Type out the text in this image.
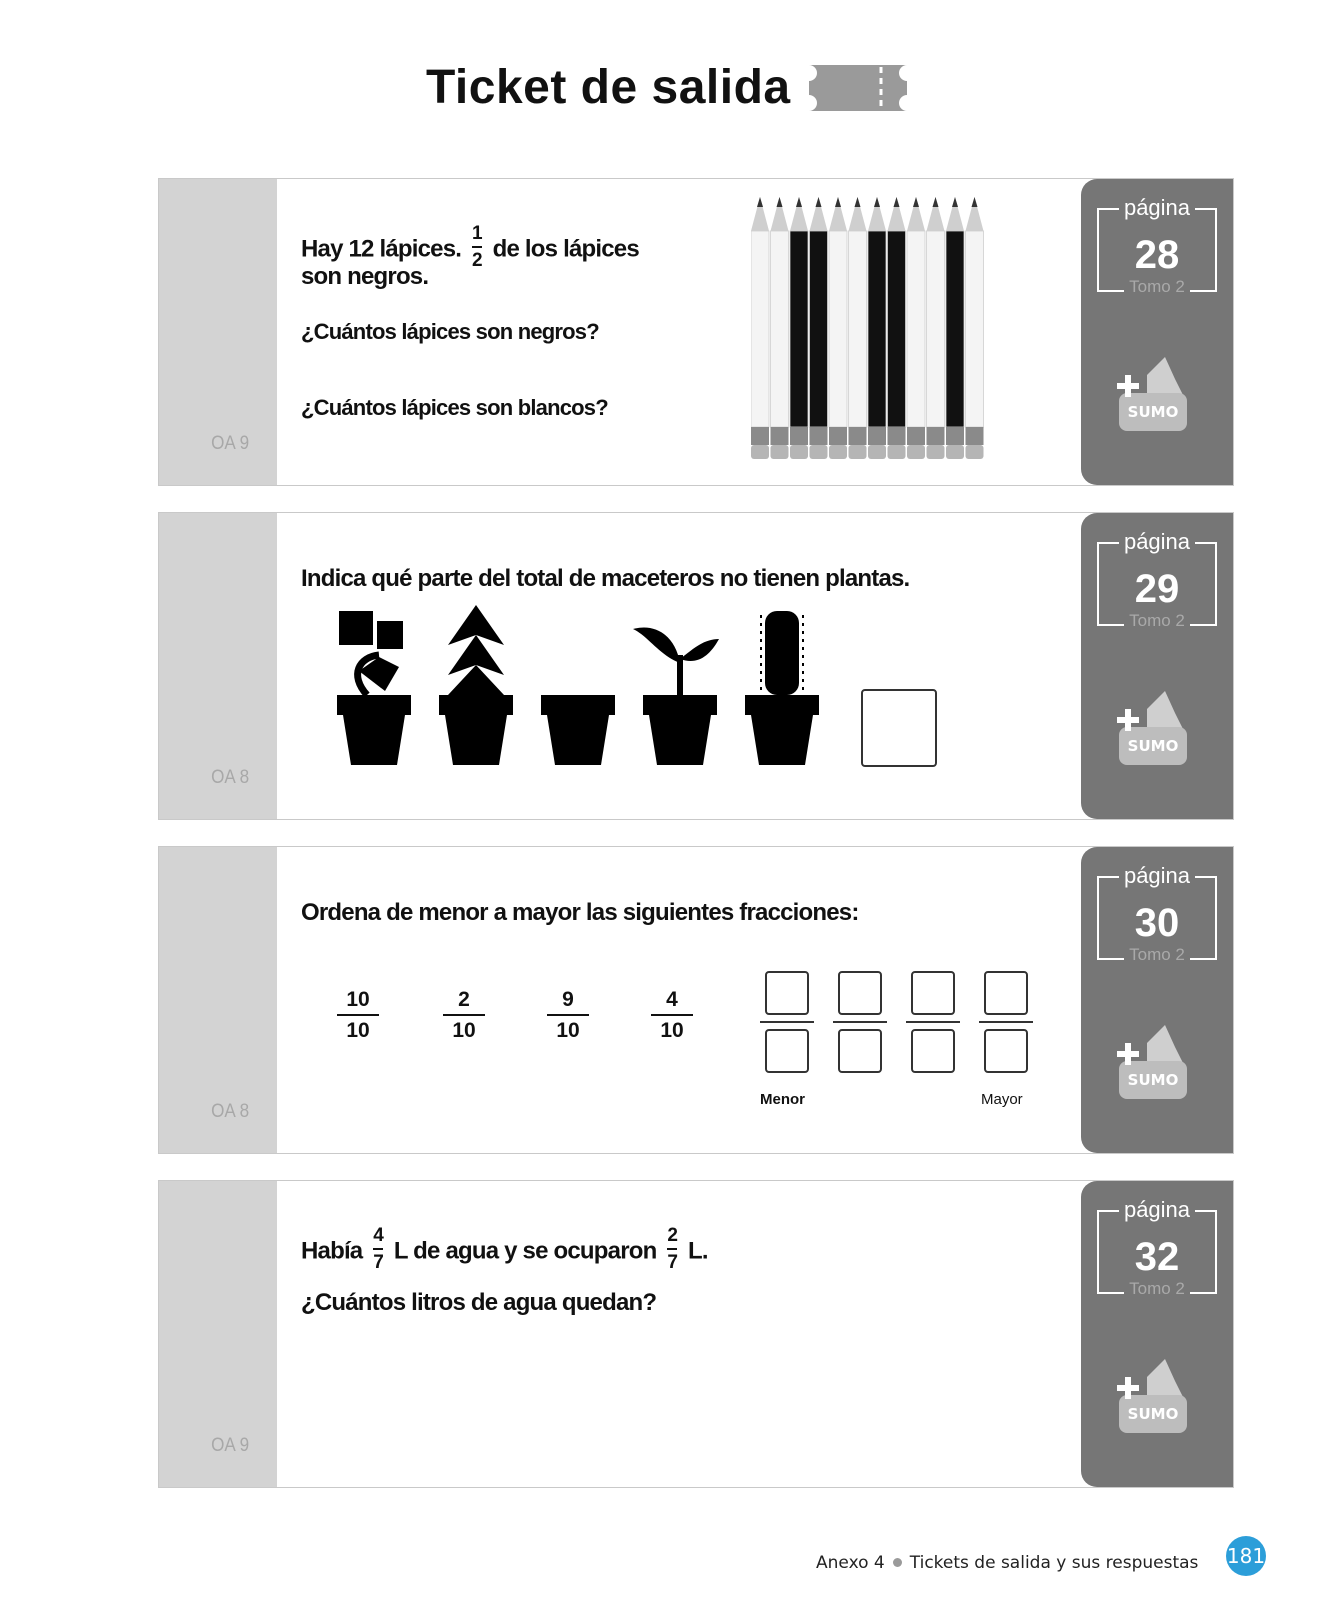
Ticket de salida
OA 9
Hay 12 lápices. $\frac{1}{2}$ de los lápices
son negros.
¿Cuántos lápices son negros?
¿Cuántos lápices son blancos?
página
28
Tomo 2
SUMO
OA 8
Indica qué parte del total de maceteros no tienen plantas.
página
29
Tomo 2
SUMO
OA 8
Ordena de menor a mayor las siguientes fracciones:
10
10
2
10
9
10
4
10
Menor	Mayor
página
30
Tomo 2
SUMO
OA 9
Había $\frac{4}{7}$ L de agua y se ocuparon $\frac{2}{7} L$.
¿Cuántos litros de agua quedan?
página
32
Tomo 2
SUMO
Anexo 4 Tickets de salida y sus respuestas 181
